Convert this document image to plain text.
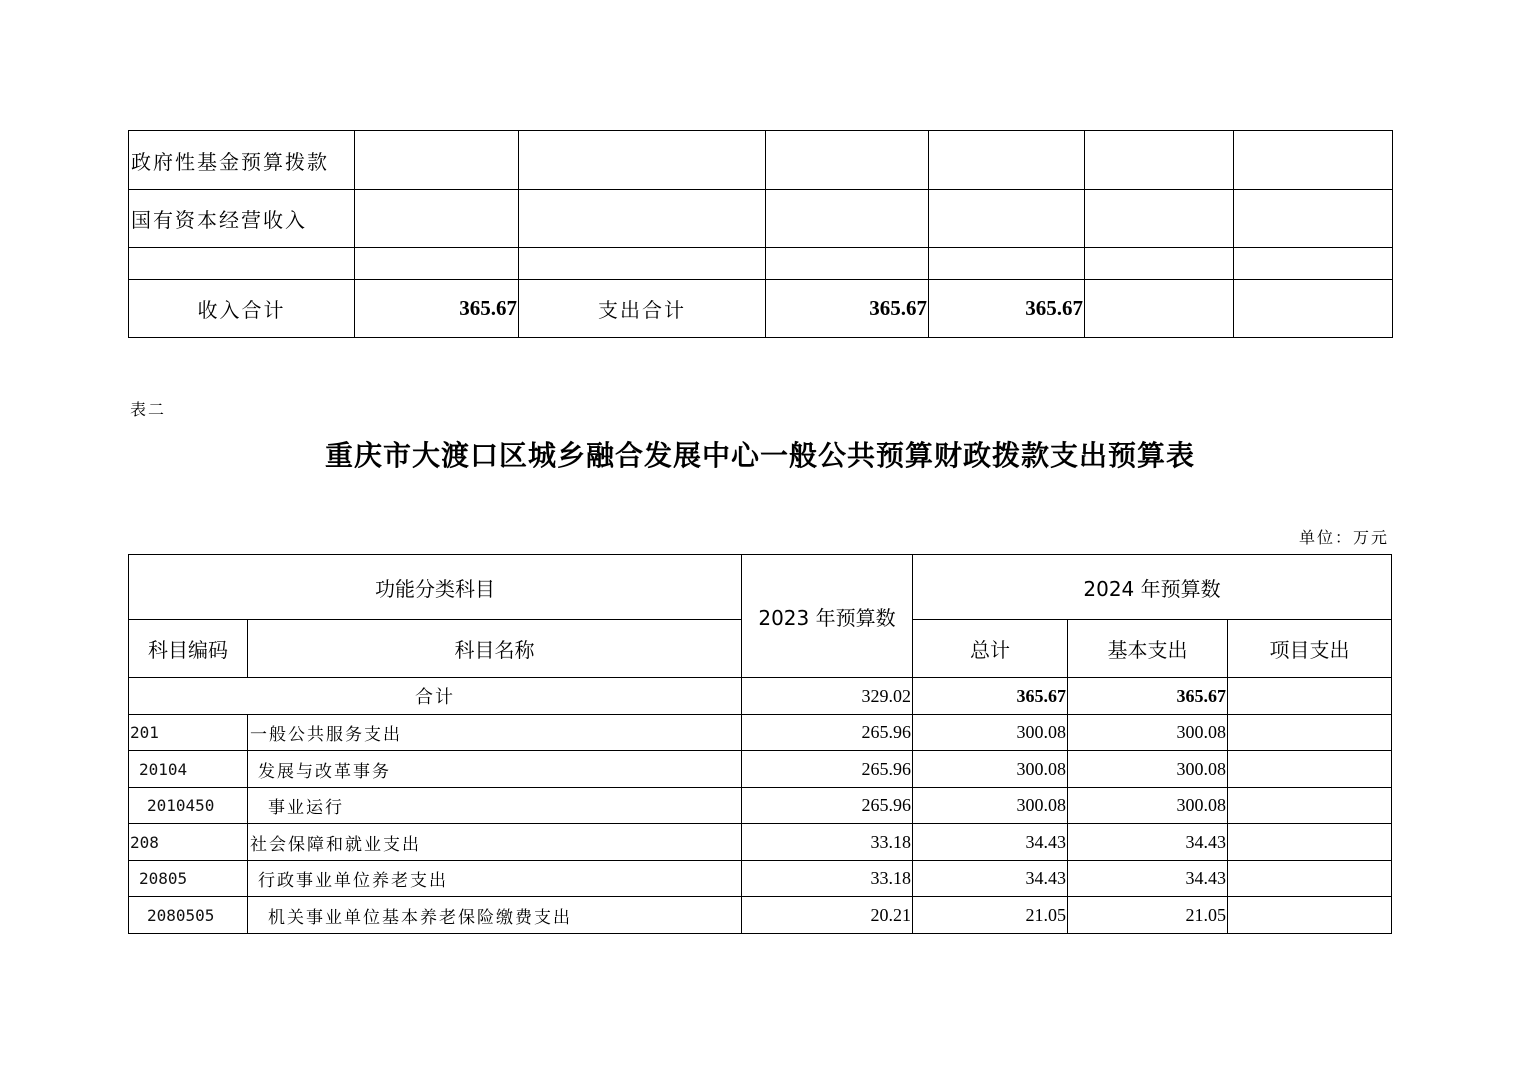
政府性基金预算拨款						
国有资本经营收入						

收入合计	365.67	支出合计	365.67	365.67		
表二
重庆市大渡口区城乡融合发展中心一般公共预算财政拨款支出预算表
单位：万元
功能分类科目		2023 年预算数	2024 年预算数		
科目编码	科目名称		总计	基本支出	项目支出
合计		329.02	365.67	365.67	
201	一般公共服务支出	265.96	300.08	300.08	
20104	发展与改革事务	265.96	300.08	300.08	
2010450	事业运行	265.96	300.08	300.08	
208	社会保障和就业支出	33.18	34.43	34.43	
20805	行政事业单位养老支出	33.18	34.43	34.43	
2080505	机关事业单位基本养老保险缴费支出	20.21	21.05	21.05	
